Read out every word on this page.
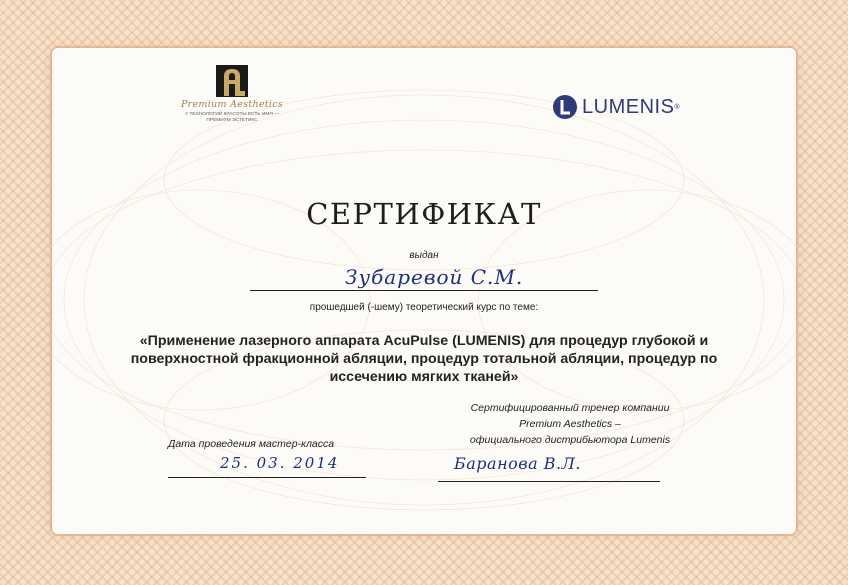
Premium Aesthetics
У ТЕХНОЛОГИЙ КРАСОТЫ ЕСТЬ ИМЯ —
ПРЕМИУМ ЭСТЕТИКС
LUMENIS ®
СЕРТИФИКАТ
выдан
Зубаревой С.М.
прошедшей (-шему) теоретический курс по теме:
«Применение лазерного аппарата AcuPulse (LUMENIS) для процедур глубокой и поверхностной фракционной абляции, процедур тотальной абляции, процедур по иссечению мягких тканей»
Сертифицированный тренер компании
Premium Aesthetics –
официального дистрибьютора Lumenis
Дата проведения мастер-класса
25. 03. 2014	Баранова В.Л.
